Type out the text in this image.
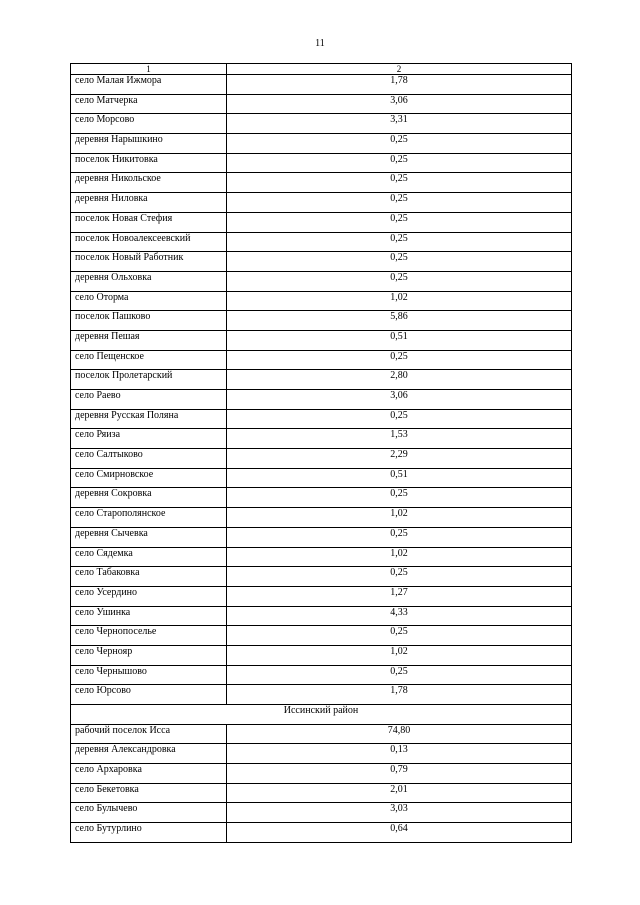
11
1	2
село Малая Ижмора	1,78
село Матчерка	3,06
село Морсово	3,31
деревня Нарышкино	0,25
поселок Никитовка	0,25
деревня Никольское	0,25
деревня Ниловка	0,25
поселок Новая Стефия	0,25
поселок Новоалексеевский	0,25
поселок Новый Работник	0,25
деревня Ольховка	0,25
село Оторма	1,02
поселок Пашково	5,86
деревня Пешая	0,51
село Пещенское	0,25
поселок Пролетарский	2,80
село Раево	3,06
деревня Русская Поляна	0,25
село Ряиза	1,53
село Салтыково	2,29
село Смирновское	0,51
деревня Сокровка	0,25
село Старополянское	1,02
деревня Сычевка	0,25
село Сядемка	1,02
село Табаковка	0,25
село Усердино	1,27
село Ушинка	4,33
село Чернопоселье	0,25
село Чернояр	1,02
село Чернышово	0,25
село Юрсово	1,78
Иссинский район	
рабочий поселок Исса	74,80
деревня Александровка	0,13
село Архаровка	0,79
село Бекетовка	2,01
село Булычево	3,03
село Бутурлино	0,64
